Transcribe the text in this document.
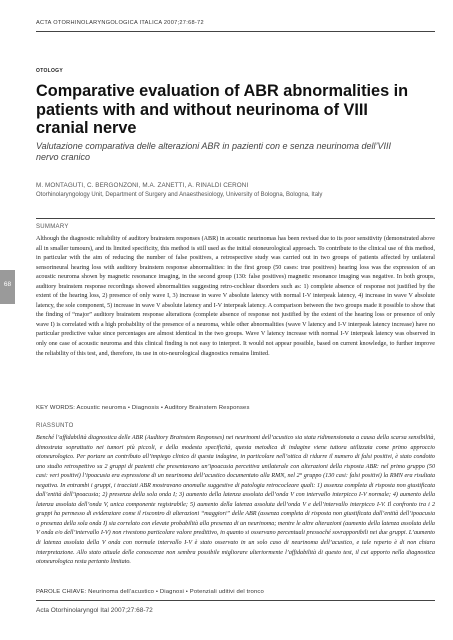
ACTA OTORHINOLARYNGOLOGICA ITALICA 2007;27:68-72
OTOLOGY
Comparative evaluation of ABR abnormalities in patients with and without neurinoma of VIII cranial nerve
Valutazione comparativa delle alterazioni ABR in pazienti con e senza neurinoma dell’VIII nervo cranico
M. MONTAGUTI, C. BERGONZONI, M.A. ZANETTI, A. RINALDI CERONI
Otorhinolaryngology Unit, Department of Surgery and Anaesthesiology, University of Bologna, Bologna, Italy
68
SUMMARY
Although the diagnostic reliability of auditory brainstem responses (ABR) in acoustic neurinomas has been revised due to its poor sensitivity (demonstrated above all in smaller tumours), and its limited specificity, this method is still used as the initial otoneurological approach. To contribute to the clinical use of this method, in particular with the aim of reducing the number of false positives, a retrospective study was carried out in two groups of patients affected by unilateral sensorineural hearing loss with auditory brainstem response abnormalities: in the first group (50 cases: true positives) hearing loss was the expression of an acoustic neuroma shown by magnetic resonance imaging, in the second group (130: false positives) magnetic resonance imaging was negative. In both groups, auditory brainstem response recordings showed abnormalities suggesting retro-cochlear disorders such as: 1) complete absence of response not justified by the extent of the hearing loss, 2) presence of only wave I, 3) increase in wave V absolute latency with normal I-V interpeak latency, 4) increase in wave V absolute latency, the sole component, 5) increase in wave V absolute latency and I-V interpeak latency. A comparison between the two groups made it possible to show that the finding of “major” auditory brainstem response alterations (complete absence of response not justified by the extent of the hearing loss or presence of only wave I) is correlated with a high probability of the presence of a neuroma, while other abnormalities (wave V latency and I-V interpeak latency increase) have no particular predictive value since percentages are almost identical in the two groups. Wave V latency increase with normal I-V interpeak latency was observed in only one case of acoustic neuroma and this clinical finding is not easy to interpret. It would not appear possible, based on current knowledge, to further improve the reliability of this test, and, therefore, its use in oto-neurological diagnostics remains limited.
KEY WORDS: Acoustic neuroma • Diagnosis • Auditory Brainstem Responses
RIASSUNTO
Benché l’affidabilità diagnostica delle ABR (Auditory Brainstem Responses) nei neurinomi dell’acustico sia stata ridimensionata a causa della scarsa sensibilità, dimostrata soprattutto nei tumori più piccoli, e della modesta specificità, questa metodica di indagine viene tuttora utilizzata come primo approccio otoneurologico. Per portare un contributo all’impiego clinico di questa indagine, in particolare nell’ottica di ridurre il numero di falsi positivi, è stato condotto uno studio retrospettivo su 2 gruppi di pazienti che presentavano un’ipoacusia percettiva unilaterale con alterazioni della risposta ABR: nel primo gruppo (50 casi: veri positivi) l’ipoacusia era espressione di un neurinoma dell’acustico documentato alla RMN, nel 2° gruppo (130 casi: falsi positivi) la RMN era risultata negativa. In entrambi i gruppi, i tracciati ABR mostravano anomalie suggestive di patologia retrococleare quali: 1) assenza completa di risposta non giustificata dall’entità dell’ipoacusia; 2) presenza della sola onda I; 3) aumento della latenza assoluta dell’onda V con intervallo interpicco I-V normale; 4) aumento della latenza assoluta dell’onda V, unica componente registrabile; 5) aumento della latenza assoluta dell’onda V e dell’intervallo interpicco I-V. Il confronto tra i 2 gruppi ha permesso di evidenziare come il riscontro di alterazioni “maggiori” delle ABR (assenza completa di risposta non giustificata dall’entità dell’ipoacusia o presenza della sola onda I) sia correlato con elevate probabilità alla presenza di un neurinoma; mentre le altre alterazioni (aumento della latenza assoluta della V onda e/o dell’intervallo I-V) non rivestono particolare valore predittivo, in quanto si osservano percentuali pressoché sovrapponibili nei due gruppi. L’aumento di latenza assoluta della V onda con normale intervallo I-V è stato osservato in un solo caso di neurinoma dell’acustico, e tale reperto è di non chiara interpretazione. Allo stato attuale delle conoscenze non sembra possibile migliorare ulteriormente l’affidabilità di questo test, il cui apporto nella diagnostica otoneurologica resta pertanto limitato.
PAROLE CHIAVE: Neurinoma dell’acustico • Diagnosi • Potenziali uditivi del tronco
Acta Otorhinolaryngol Ital 2007;27:68-72
